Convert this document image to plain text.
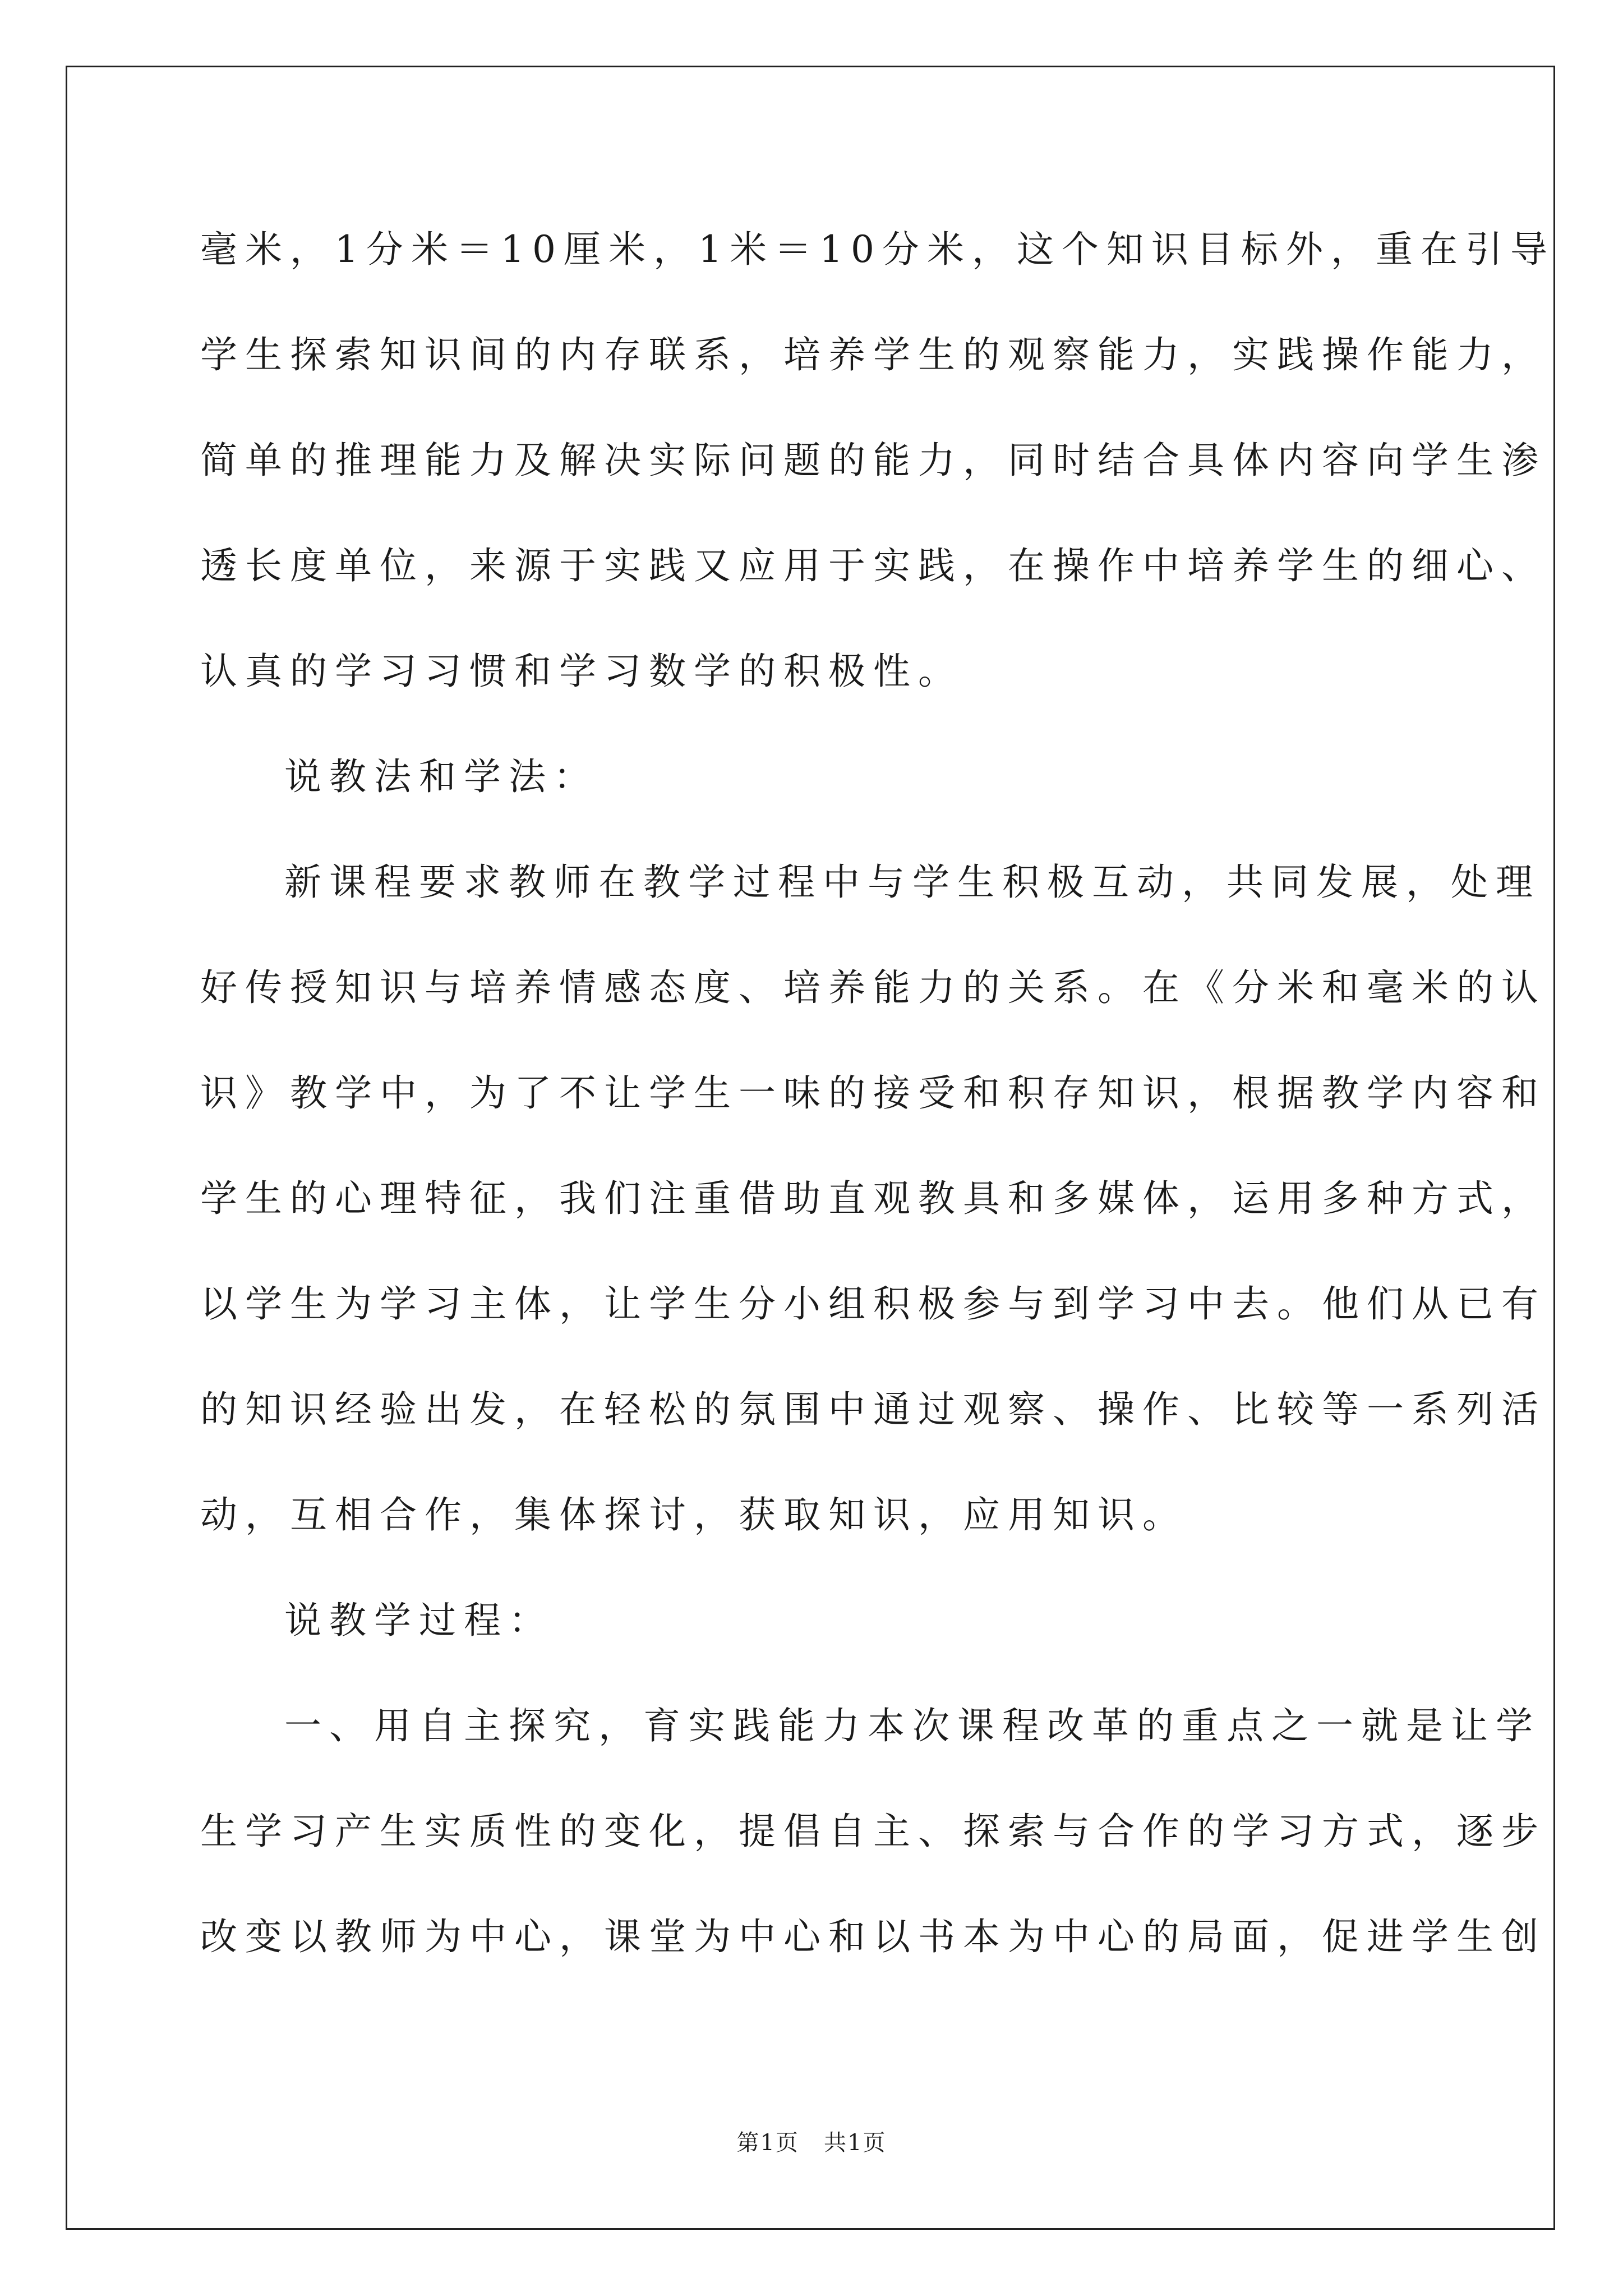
毫米，1分米＝10厘米，1米＝10分米，这个知识目标外，重在引导
学生探索知识间的内存联系，培养学生的观察能力，实践操作能力，
简单的推理能力及解决实际问题的能力，同时结合具体内容向学生渗
透长度单位，来源于实践又应用于实践，在操作中培养学生的细心、
认真的学习习惯和学习数学的积极性。
说教法和学法：
新课程要求教师在教学过程中与学生积极互动，共同发展，处理
好传授知识与培养情感态度、培养能力的关系。在《分米和毫米的认
识》教学中，为了不让学生一味的接受和积存知识，根据教学内容和
学生的心理特征，我们注重借助直观教具和多媒体，运用多种方式，
以学生为学习主体，让学生分小组积极参与到学习中去。他们从已有
的知识经验出发，在轻松的氛围中通过观察、操作、比较等一系列活
动，互相合作，集体探讨，获取知识，应用知识。
说教学过程：
一、用自主探究，育实践能力本次课程改革的重点之一就是让学
生学习产生实质性的变化，提倡自主、探索与合作的学习方式，逐步
改变以教师为中心，课堂为中心和以书本为中心的局面，促进学生创
第1页   共1页
